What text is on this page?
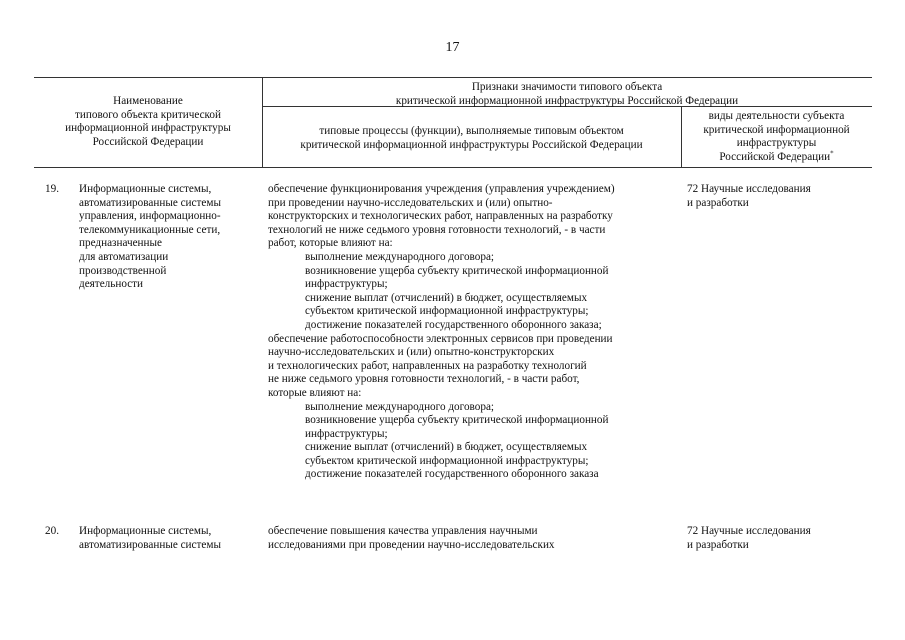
17
Наименование
типового объекта критической
информационной инфраструктуры
Российской Федерации
Признаки значимости типового объекта
критической информационной инфраструктуры Российской Федерации
типовые процессы (функции), выполняемые типовым объектом
критической информационной инфраструктуры Российской Федерации
виды деятельности субъекта
критической информационной
инфраструктуры
Российской Федерации*
19. Информационные системы,
автоматизированные системы
управления, информационно-
телекоммуникационные сети,
предназначенные
для автоматизации
производственной
деятельности
обеспечение функционирования учреждения (управления учреждением)
при проведении научно-исследовательских и (или) опытно-
конструкторских и технологических работ, направленных на разработку
технологий не ниже седьмого уровня готовности технологий, - в части
работ, которые влияют на:
выполнение международного договора;
возникновение ущерба субъекту критической информационной
инфраструктуры;
снижение выплат (отчислений) в бюджет, осуществляемых
субъектом критической информационной инфраструктуры;
достижение показателей государственного оборонного заказа;
обеспечение работоспособности электронных сервисов при проведении
научно-исследовательских и (или) опытно-конструкторских
и технологических работ, направленных на разработку технологий
не ниже седьмого уровня готовности технологий, - в части работ,
которые влияют на:
выполнение международного договора;
возникновение ущерба субъекту критической информационной
инфраструктуры;
снижение выплат (отчислений) в бюджет, осуществляемых
субъектом критической информационной инфраструктуры;
достижение показателей государственного оборонного заказа
72 Научные исследования
и разработки
20. Информационные системы,
автоматизированные системы
обеспечение повышения качества управления научными
исследованиями при проведении научно-исследовательских
72 Научные исследования
и разработки
